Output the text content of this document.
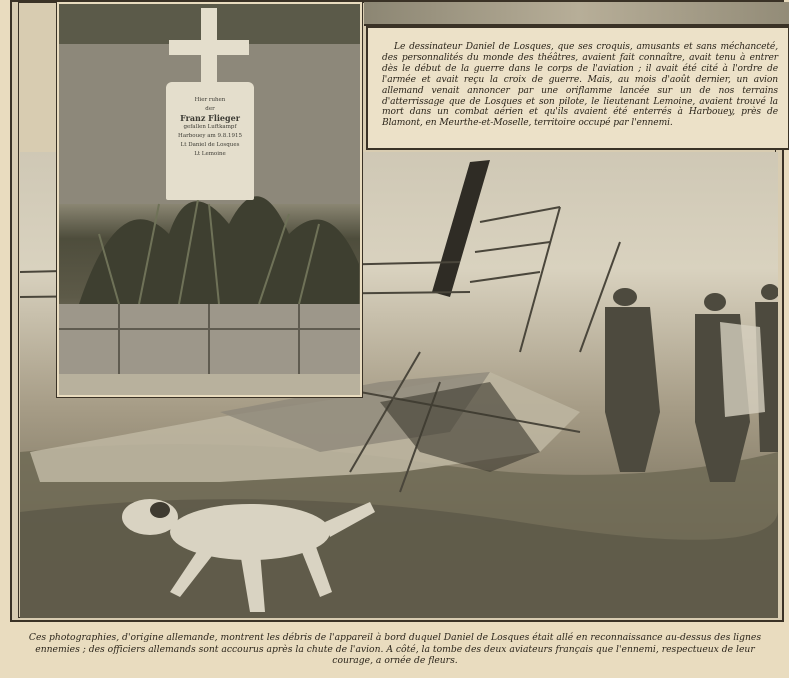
Hier ruhen
der
Franz Flieger
gefallen Luftkampf
Harbouey am 9.8.1915
Lt Daniel de Losques
Lt Lemoine

Le dessinateur Daniel de Losques, que ses croquis, amusants et sans méchanceté, des personnalités du monde des théâtres, avaient fait connaître, avait tenu à entrer dès le début de la guerre dans le corps de l'aviation ; il avait été cité à l'ordre de l'armée et avait reçu la croix de guerre. Mais, au mois d'août dernier, un avion allemand venait annoncer par une oriflamme lancée sur un de nos terrains d'atterrissage que de Losques et son pilote, le lieutenant Lemoine, avaient trouvé la mort dans un combat aérien et qu'ils avaient été enterrés à Harbouey, près de Blamont, en Meurthe-et-Moselle, territoire occupé par l'ennemi.

Ces photographies, d'origine allemande, montrent les débris de l'appareil à bord duquel Daniel de Losques était allé en reconnaissance au-dessus des lignes ennemies ; des officiers allemands sont accourus après la chute de l'avion. A côté, la tombe des deux aviateurs français que l'ennemi, respectueux de leur courage, a ornée de fleurs.
